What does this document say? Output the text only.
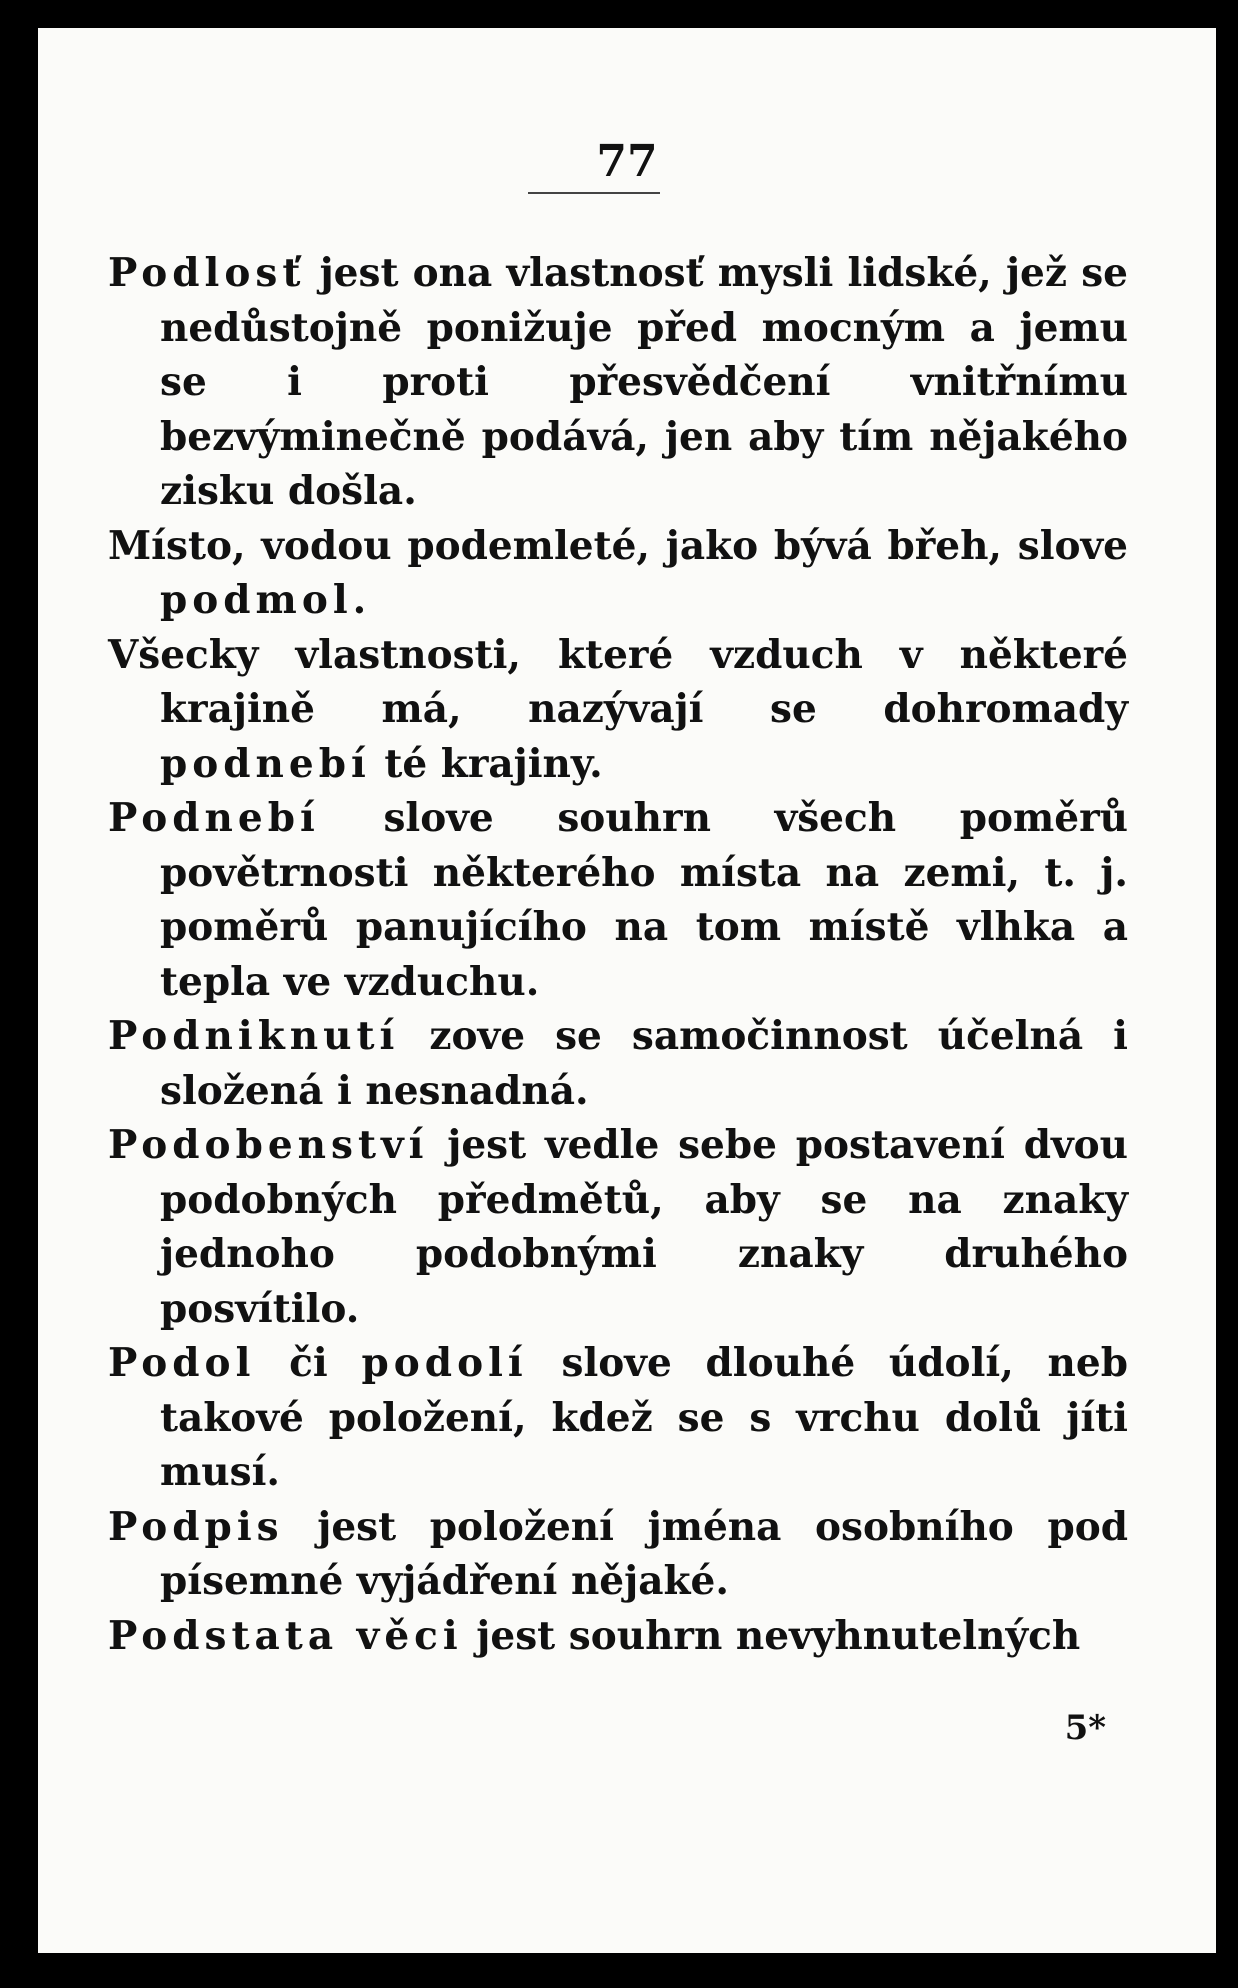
77

Podlosť jest ona vlastnosť mysli lidské, jež se nedůstojně ponižuje před mocným a jemu se i proti přesvědčení vnitřnímu bezvýminečně podává, jen aby tím nějakého zisku došla.

Místo, vodou podemleté, jako bývá břeh, slove podmol.

Všecky vlastnosti, které vzduch v některé krajině má, nazývají se dohromady podnebí té krajiny.

Podnebí slove souhrn všech poměrů povětrnosti některého místa na zemi, t. j. poměrů panujícího na tom místě vlhka a tepla ve vzduchu.

Podniknutí zove se samočinnost účelná i složená i nesnadná.

Podobenství jest vedle sebe postavení dvou podobných předmětů, aby se na znaky jednoho podobnými znaky druhého posvítilo.

Podol či podolí slove dlouhé údolí, neb takové položení, kdež se s vrchu dolů jíti musí.

Podpis jest položení jména osobního pod písemné vyjádření nějaké.

Podstata věci jest souhrn nevyhnutelných

5*
